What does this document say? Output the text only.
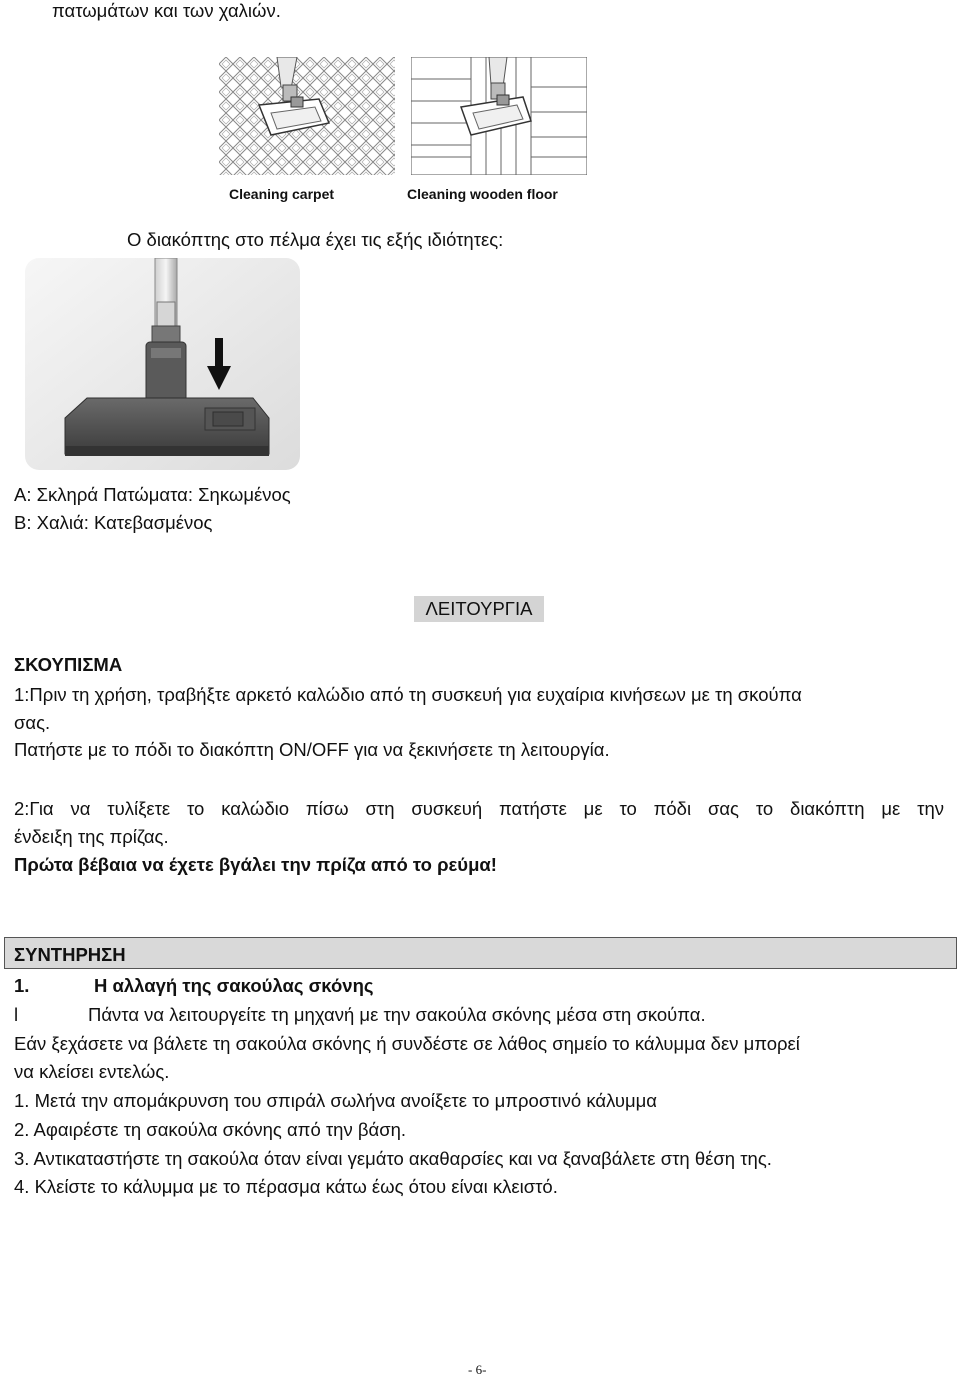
πατωμάτων και των χαλιών.
Cleaning carpet	Cleaning wooden floor
Ο διακόπτης στο πέλμα έχει τις εξής ιδιότητες:
A: Σκληρά Πατώματα: Σηκωμένος
B: Χαλιά: Κατεβασμένος
ΛΕΙΤΟΥΡΓΙΑ
ΣΚΟΥΠΙΣΜΑ
1:Πριν τη χρήση, τραβήξτε αρκετό καλώδιο από τη συσκευή για ευχαίρια κινήσεων με τη σκούπα
σας.
Πατήστε με το πόδι το διακόπτη ON/OFF για να ξεκινήσετε τη λειτουργία.
2:Για να τυλίξετε το καλώδιο πίσω στη συσκευή πατήστε με το πόδι σας το διακόπτη με την
ένδειξη της πρίζας.
Πρώτα βέβαια να έχετε βγάλει την πρίζα από το ρεύμα!
ΣΥΝΤΗΡΗΣΗ
1.	Η αλλαγή της σακούλας σκόνης
l	Πάντα να λειτουργείτε τη μηχανή με την σακούλα σκόνης μέσα στη σκούπα.
Εάν ξεχάσετε να βάλετε τη σακούλα σκόνης ή συνδέστε σε λάθος σημείο το κάλυμμα δεν μπορεί
να κλείσει εντελώς.
1. Μετά την απομάκρυνση του σπιράλ σωλήνα ανοίξετε το μπροστινό κάλυμμα
2. Αφαιρέστε τη σακούλα σκόνης από την βάση.
3. Αντικαταστήστε τη σακούλα όταν είναι γεμάτο ακαθαρσίες και να ξαναβάλετε στη θέση της.
4. Κλείστε το κάλυμμα με το πέρασμα κάτω έως ότου είναι κλειστό.
- 6-
